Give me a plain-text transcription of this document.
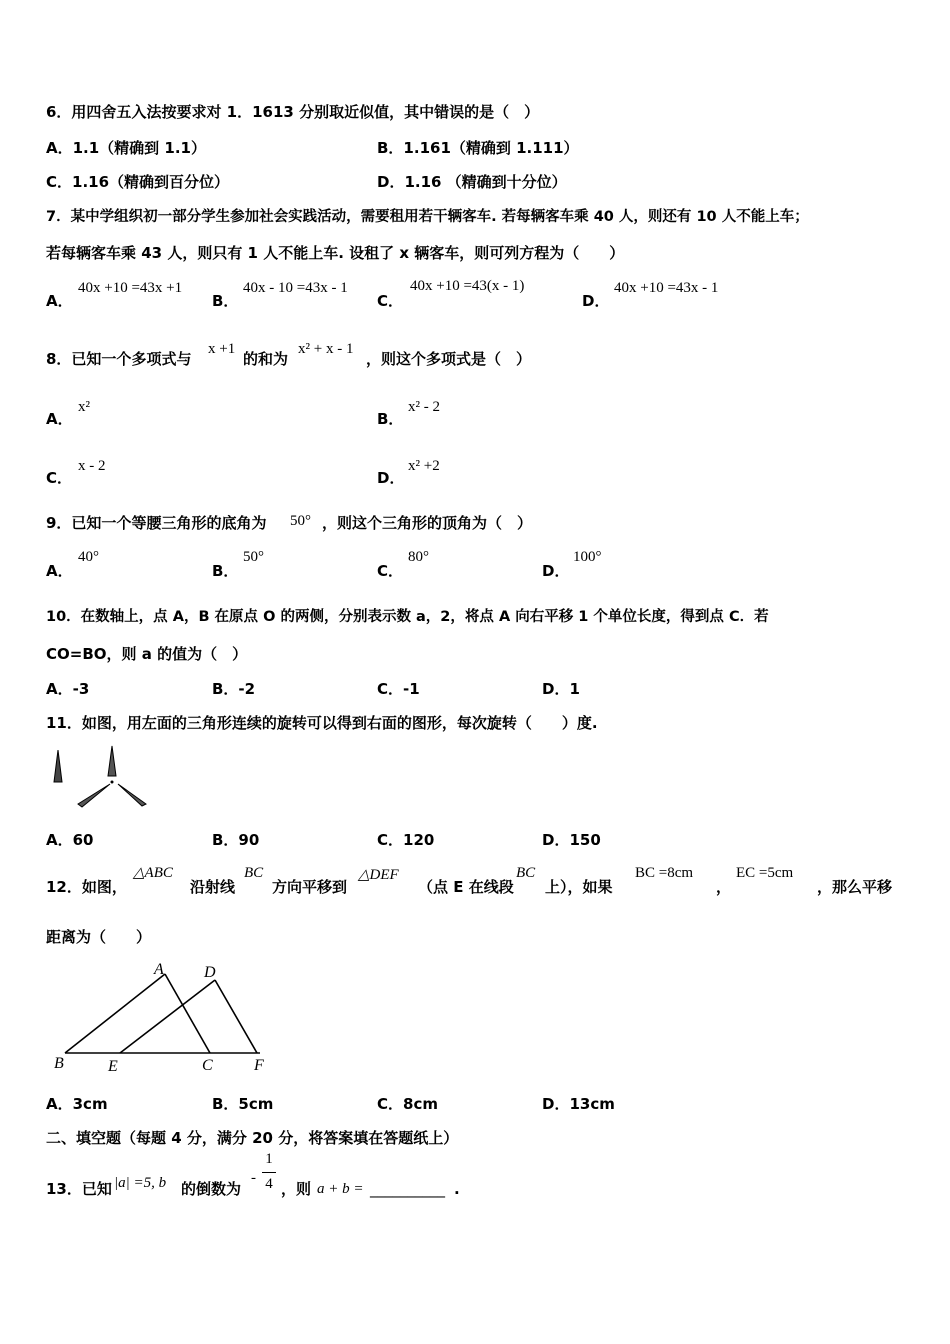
6．用四舍五入法按要求对 1．1613 分别取近似值，其中错误的是（　）
A．1.1（精确到 1.1）	B．1.161（精确到 1.111）
C．1.16（精确到百分位）	D．1.16 （精确到十分位）
7．某中学组织初一部分学生参加社会实践活动，需要租用若干辆客车. 若每辆客车乘 40 人，则还有 10 人不能上车；
若每辆客车乘 43 人，则只有 1 人不能上车. 设租了 x 辆客车，则可列方程为（　　）
A．
40x +10 =43x +1
B．
40x - 10 =43x - 1
C．
40x +10 =43(x - 1)
D．
40x +10 =43x - 1
8．已知一个多项式与
x +1
的和为
x² + x - 1
，则这个多项式是（　）
A．
x²
B．
x² - 2
C．
x - 2
D．
x² +2
9．已知一个等腰三角形的底角为 50° ，则这个三角形的顶角为（　）
A．
40°
B．
50°
C．
80°
D．
100°
10．在数轴上，点 A，B 在原点 O 的两侧，分别表示数 a，2，将点 A 向右平移 1 个单位长度，得到点 C．若
CO=BO，则 a 的值为（　）
A．-3	B．-2	C．-1	D．1
11．如图，用左面的三角形连续的旋转可以得到右面的图形，每次旋转（　　）度.
A．60	B．90	C．120	D．150
12．如图，
△ABC
沿射线
BC
方向平移到
△DEF
（点 E 在线段
BC
上），如果
BC =8cm
，
EC =5cm
，那么平移
距离为（　　）
A	D
B	E	C	F
A．3cm	B．5cm	C．8cm	D．13cm
二、填空题（每题 4 分，满分 20 分，将答案填在答题纸上）
13．已知 |a| =5, b 的倒数为
-
1
4 ，则 a + b = __________ .
